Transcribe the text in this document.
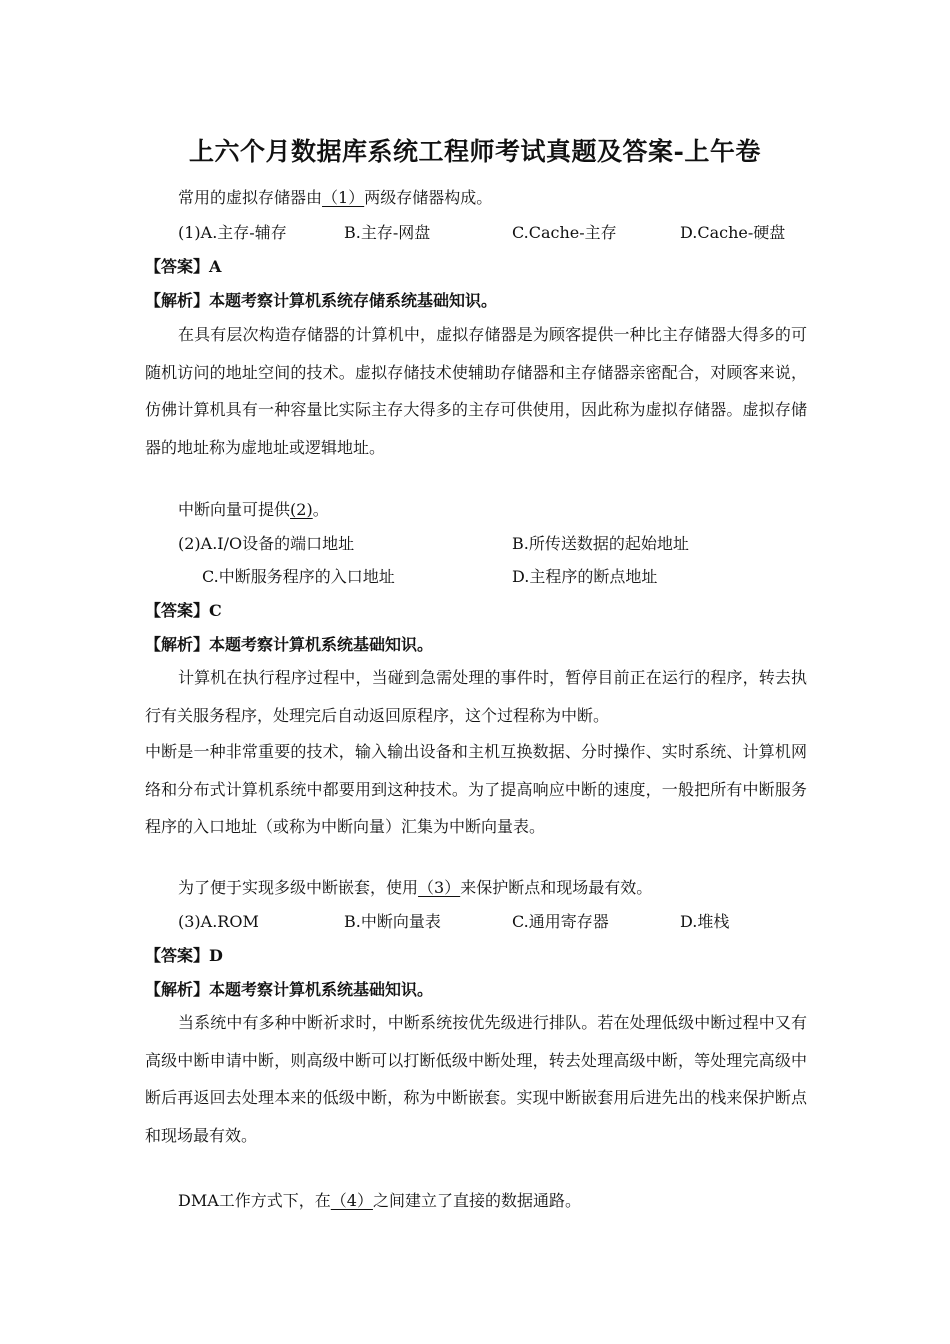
上六个月数据库系统工程师考试真题及答案-上午卷
常用的虚拟存储器由（1）两级存储器构成。
(1)A.主存-辅存	B.主存-网盘	C.Cache-主存	D.Cache-硬盘
【答案】A
【解析】本题考察计算机系统存储系统基础知识。

在具有层次构造存储器的计算机中，虚拟存储器是为顾客提供一种比主存储器大得多的可随机访问的地址空间的技术。虚拟存储技术使辅助存储器和主存储器亲密配合，对顾客来说，仿佛计算机具有一种容量比实际主存大得多的主存可供使用，因此称为虚拟存储器。虚拟存储器的地址称为虚地址或逻辑地址。

中断向量可提供(2)。
(2)A.I/O设备的端口地址	B.所传送数据的起始地址
C.中断服务程序的入口地址	D.主程序的断点地址
【答案】C
【解析】本题考察计算机系统基础知识。

计算机在执行程序过程中，当碰到急需处理的事件时，暂停目前正在运行的程序，转去执行有关服务程序，处理完后自动返回原程序，这个过程称为中断。

中断是一种非常重要的技术，输入输出设备和主机互换数据、分时操作、实时系统、计算机网络和分布式计算机系统中都要用到这种技术。为了提高响应中断的速度，一般把所有中断服务程序的入口地址（或称为中断向量）汇集为中断向量表。

为了便于实现多级中断嵌套，使用（3）来保护断点和现场最有效。
(3)A.ROM	B.中断向量表	C.通用寄存器	D.堆栈
【答案】D
【解析】本题考察计算机系统基础知识。

当系统中有多种中断祈求时，中断系统按优先级进行排队。若在处理低级中断过程中又有高级中断申请中断，则高级中断可以打断低级中断处理，转去处理高级中断，等处理完高级中断后再返回去处理本来的低级中断，称为中断嵌套。实现中断嵌套用后进先出的栈来保护断点和现场最有效。

DMA工作方式下，在（4）之间建立了直接的数据通路。
